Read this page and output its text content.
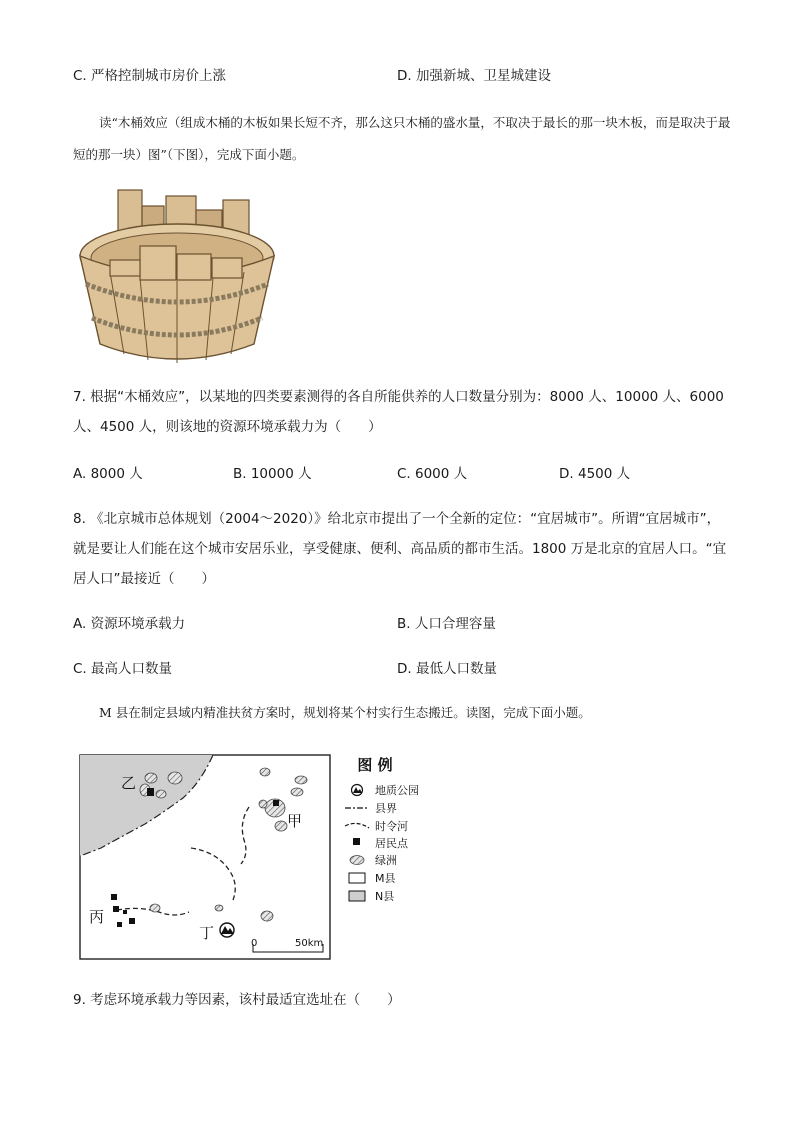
C. 严格控制城市房价上涨	D. 加强新城、卫星城建设
读“木桶效应（组成木桶的木板如果长短不齐，那么这只木桶的盛水量，不取决于最长的那一块木板，而是取决于最短的那一块）图”（下图），完成下面小题。
7. 根据“木桶效应”，以某地的四类要素测得的各自所能供养的人口数量分别为：8000 人、10000 人、6000 人、4500 人，则该地的资源环境承载力为（　　）
A. 8000 人	B. 10000 人	C. 6000 人	D. 4500 人
8. 《北京城市总体规划（2004～2020）》给北京市提出了一个全新的定位：“宜居城市”。所谓“宜居城市”，就是要让人们能在这个城市安居乐业，享受健康、便利、高品质的都市生活。1800 万是北京的宜居人口。“宜居人口”最接近（　　）
A. 资源环境承载力	B. 人口合理容量
C. 最高人口数量	D. 最低人口数量
M 县在制定县域内精准扶贫方案时，规划将某个村实行生态搬迁。读图，完成下面小题。
乙
甲
丙
丁
0	50km
图 例
地质公园
县界
时令河
居民点
绿洲
M县
N县
9. 考虑环境承载力等因素，该村最适宜选址在（　　）
